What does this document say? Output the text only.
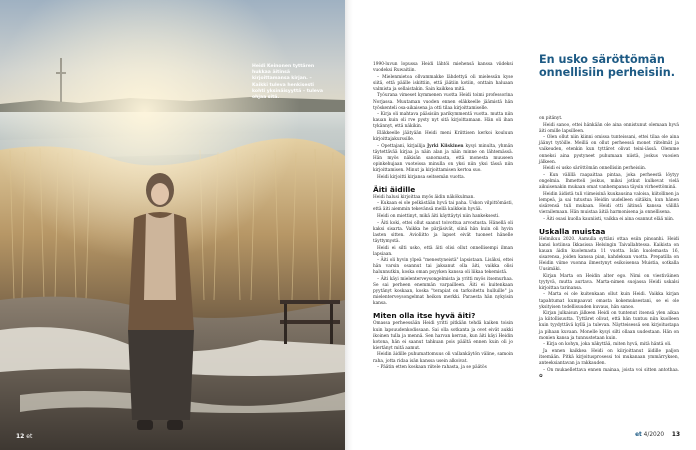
Heidi Keinonen tyttären hukkaa äitinsä kirjoittamansa kirjan. – Kaikki tuleva henkisesti kohti yksinäisyyttä – tuleva ohjaa sitä.
12 et

1990-luvun lopussa Heidi lähtöi miehensä kanssa viideksi vuodeksi Ruwaitiin.

– Mielenmietoa ollvammakke lähdettyä oli mielessän kyse siitä, että päälle iskittiin, että jäätiin kotiin, onttain haluaan valmista ja sellaistakin. Sain kaikkea mitä.

Työurana vimeset kymmenen vuotta Heidi toimi professorina Norjassa. Muutaman vuoden ennen eläkkeelle jäämistä hän työskenteli osa-aikaisena ja otti tilaa kirjoittamiselle.

– Kirja oli mahtava pääsisiin parikymmentä vuotta. mutta niin kauan kuin oli rve pysty nyt sitä kirjoittamaan. Hän oli ihan tykännyt, että näkikin.

Eläkkeelle jäätyään Heidi meni Kriittisen kerkoi kouluun kirjoittajakurssille.

– Opettajani, kirjailija Jyrki Kiiskinen kysyi minulta, yhmän täytettävää kirjaa ja näin alan ja näin minne on lähtemässä. Hän myös näkisän sanomasta, että monesta muuseen opinkehujaan vuoteissa minulla on yksi niin yksi tässä niin kirjoittamisen. Minut ja kirjoittamisen kertoa suo.

Heidi kirjoitti kirjansa seitsemän vuotta.

Äiti äidille

Heidi halusi kirjoittaa myös äidin näkökulman.

– Kukaan ei ole pelkästään hyvä tai paha. Uskon vilpittömästi, että äiti aiemmin tekevänsä mellä kaikkein hyvää.

Heidi on miettinyt, mikä äiti käyttäytyi niin hankeksesti.

– Äiti koki, ettei ollut saanut toivottua arvostusta. Hänellä oli kaksi sisarta. Vaikka he pärjäsivät, siinä hän kuin oli hyvin lasten sitten. Avioliitto ja lapset eivät tuoneet hänelle täyttymystä.

Heidi ei silti usko, että äiti olisi ollut onnellisempi ilman lapsiaan.

– Äiti oli hyvin ylpeä "menestyneistä" lapsistaan. Lisäksi, ettei hän varsin osannut tai jaksanut olla äiti, vaikka olisi halunnutkin, koska oman psyyken kanssa oli liikaa tekemistä.

– Äiti käyi mielenterveysongelmista ja yritti myös itsemurhaa. Se sai perheen enemmän varpailleen. Äiti ei kuitenkaan pyytänyt koskaan, koska "terapiat on tarkoitettu hulluille" ja mielenterveysongelmat heikon merkki. Paraesta hän nykyisin kansa.

Miten olla itse hyvä äiti?

Omassa perheessään Heidi yritti pitkään tehdä kaiken toisin kuin lapsuudenkodissaan. Sai olla sotkanta ja ovet eivät aukki ikoinen tulla ja mennä. Sen harvan kerran, kun äiti käyi Heidin kotona, hän ei saanut tahkuan pois päältä ennen kuin oli jo kiertänyt mitä aamut.

Heidin äidille puhumattomuus oli vallankäytön väline, samoin raha, jotta ridaa isän kanssa usein alkoivat.

– Päätin etten koskaan riitele rahasta, ja se päätös

En usko säröttömän onnellisiin perheisiin.

on pitänyt.

Heidi sanoo, ettei hänkään ole aina onnistunut olemaan hyvä äiti omille lapsilleen.

– Olen ollut niin kiinni omissa tunteissani, ettei tilaa ole aina jäänyt tytöille. Meillä on ollut perheessä monet riitelmät ja vaikeuden, etenkin kun tyttäret olivat teini-iässä. Olemme onneksi aina pystyneet puhumaan niistä, joskus vuosien jälkeen.

Heidi ei usko säröttömän onnellisiin perheisiin.

– Kun välillä raapaittaa pintaa, joka perheestä löytyy ongelmia. Ihmetteli joskus, miksi jotkut kulkevat vielä aikuisenakin mukaan omat vanhempansa täysin virheettöminä.

Heidin äidistä tuli viimeisinä kuukausina valoisa, kiitollinen ja lempeä, ja sai tutustua Heidin uudelleen siitäkin, kun hänen sisärensä tuli mukaan. Heidi otti äitinsä kanssa välillä vierailemaan. Hän muistaa äitiä harmonisena ja onnellisena.

– Äiti osasi kuolla kauniisti, vaikka ei aina osannut elää niin.

Uskalla muistaa

Helmikuu 2020. Aamulla syttäni ottaa esiin pinoanhi. Heidi kansi kotiinsa Ikkasissa Helsingin Taivallahtessa. Kaikista on kauan äidin kuolemasta 11 vuotta. Isän kuolemasta 16, sisarensa, joiden kanssa pian, kahdeksan vuotta. Prepatilla on Heidin viime vuonna ilmestynyt esikoisensa Muistia, sotkalla Uusimäki.

Kirjan Marta on Heidin alter ego. Nimi on viestiväinen tyytyvä, mutta aurtava. Marta-nimen suojassa Heidi uskalsi kirjoittaa tarinansa.

– Marta ei ole kuitenkaan ollut kuin Heidi. Vaikka kirjan tapahtumat kumpaavat omasta kokemuksestani, se ei ole yksityisen todellisuuden kuvaus, hän sanoo.

Kirjan julkaisun jälkeen Heidi on tuntenut itsensä ylen aikaa ja kiitollisuutta. Tyttäret olivat, että hän tuntuu niin kuolleen kuin tyydyttävä kyllä ja tulevan. Näytteisessä sen kirjoitustapa ja pihaan kuvaan. Monelle kysyi silti ollaan uudestaan. Hän on monien kansa ja tunnustetaan kuin.

– Kirja on kohyn, joka näkyttää, miten hyvä, mitä häntä oli.

Ja ennen kaikkea Heidi on kiirjoittanut äidille paljon itsemään. Pitkä kirjoitusprosessi toi mukanaan ymmärryksen, anteeksiantavan ja rakkauden.

– On mukaellettava ennen mainaa, joista voi sitten antothaa. ✿

et 4/2020 13
